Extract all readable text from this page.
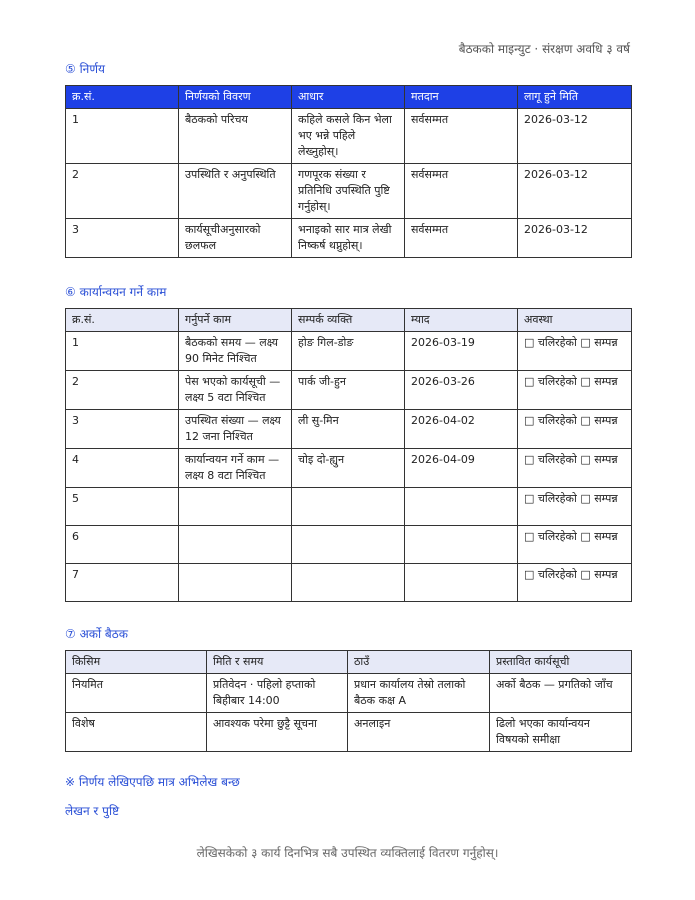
बैठकको माइन्युट · संरक्षण अवधि ३ वर्ष
⑤ निर्णय
क्र.सं.	निर्णयको विवरण	आधार	मतदान	लागू हुने मिति
1	बैठकको परिचय	कहिले कसले किन भेला भए भन्ने पहिले लेख्नुहोस्।	सर्वसम्मत	2026-03-12
2	उपस्थिति र अनुपस्थिति	गणपूरक संख्या र प्रतिनिधि उपस्थिति पुष्टि गर्नुहोस्।	सर्वसम्मत	2026-03-12
3	कार्यसूचीअनुसारको छलफल	भनाइको सार मात्र लेखी निष्कर्ष थप्नुहोस्।	सर्वसम्मत	2026-03-12
⑥ कार्यान्वयन गर्ने काम
क्र.सं.	गर्नुपर्ने काम	सम्पर्क व्यक्ति	म्याद	अवस्था
1	बैठकको समय — लक्ष्य 90 मिनेट निश्चित	होङ गिल-डोङ	2026-03-19	□ चलिरहेको □ सम्पन्न
2	पेस भएको कार्यसूची — लक्ष्य 5 वटा निश्चित	पार्क जी-हुन	2026-03-26	□ चलिरहेको □ सम्पन्न
3	उपस्थित संख्या — लक्ष्य 12 जना निश्चित	ली सु-मिन	2026-04-02	□ चलिरहेको □ सम्पन्न
4	कार्यान्वयन गर्ने काम — लक्ष्य 8 वटा निश्चित	चोइ दो-ह्युन	2026-04-09	□ चलिरहेको □ सम्पन्न
5				□ चलिरहेको □ सम्पन्न
6				□ चलिरहेको □ सम्पन्न
7				□ चलिरहेको □ सम्पन्न
⑦ अर्को बैठक
किसिम	मिति र समय	ठाउँ	प्रस्तावित कार्यसूची
नियमित	प्रतिवेदन · पहिलो हप्ताको बिहीबार 14:00	प्रधान कार्यालय तेस्रो तलाको बैठक कक्ष A	अर्को बैठक — प्रगतिको जाँच
विशेष	आवश्यक परेमा छुट्टै सूचना	अनलाइन	ढिलो भएका कार्यान्वयन विषयको समीक्षा
※ निर्णय लेखिएपछि मात्र अभिलेख बन्छ
लेखन र पुष्टि
लेखिसकेको ३ कार्य दिनभित्र सबै उपस्थित व्यक्तिलाई वितरण गर्नुहोस्।
